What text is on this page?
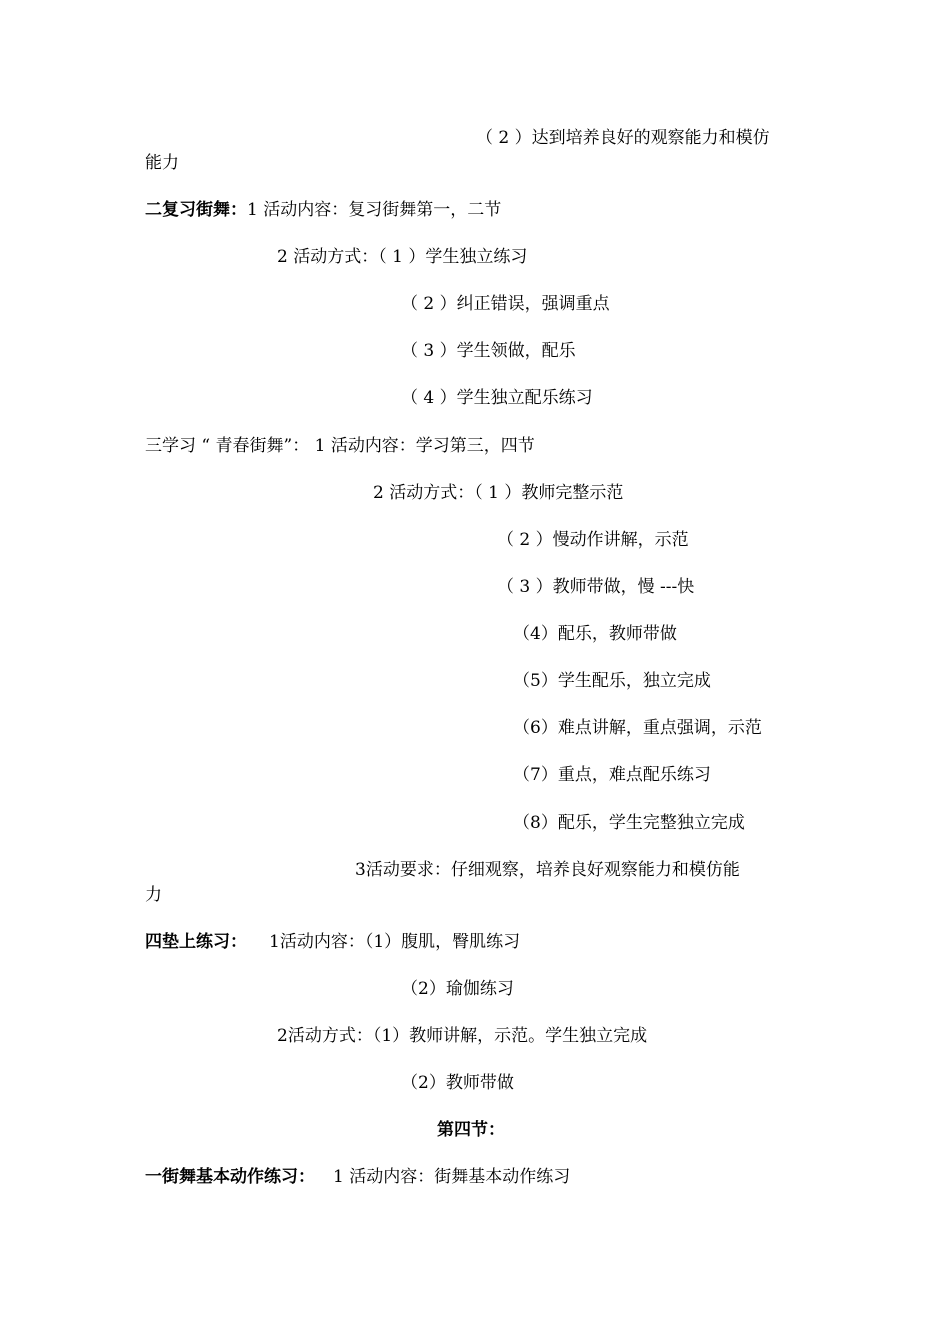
（ 2 ）达到培养良好的观察能力和模仿
能力
二复习街舞：1 活动内容：复习街舞第一，二节
2 活动方式：（ 1 ）学生独立练习
（ 2 ）纠正错误，强调重点
（ 3 ）学生领做，配乐
（ 4 ）学生独立配乐练习
三学习 “ 青春街舞”： 1 活动内容：学习第三，四节
2 活动方式：（ 1 ）教师完整示范
（ 2 ）慢动作讲解，示范
（ 3 ）教师带做，慢 ---快
（4）配乐，教师带做
（5）学生配乐，独立完成
（6）难点讲解，重点强调，示范
（7）重点，难点配乐练习
（8）配乐，学生完整独立完成
3活动要求：仔细观察，培养良好观察能力和模仿能
力
四垫上练习： 1活动内容：（1）腹肌，臀肌练习
（2）瑜伽练习
2活动方式：（1）教师讲解，示范。学生独立完成
（2）教师带做
第四节：
一街舞基本动作练习： 1 活动内容：街舞基本动作练习
